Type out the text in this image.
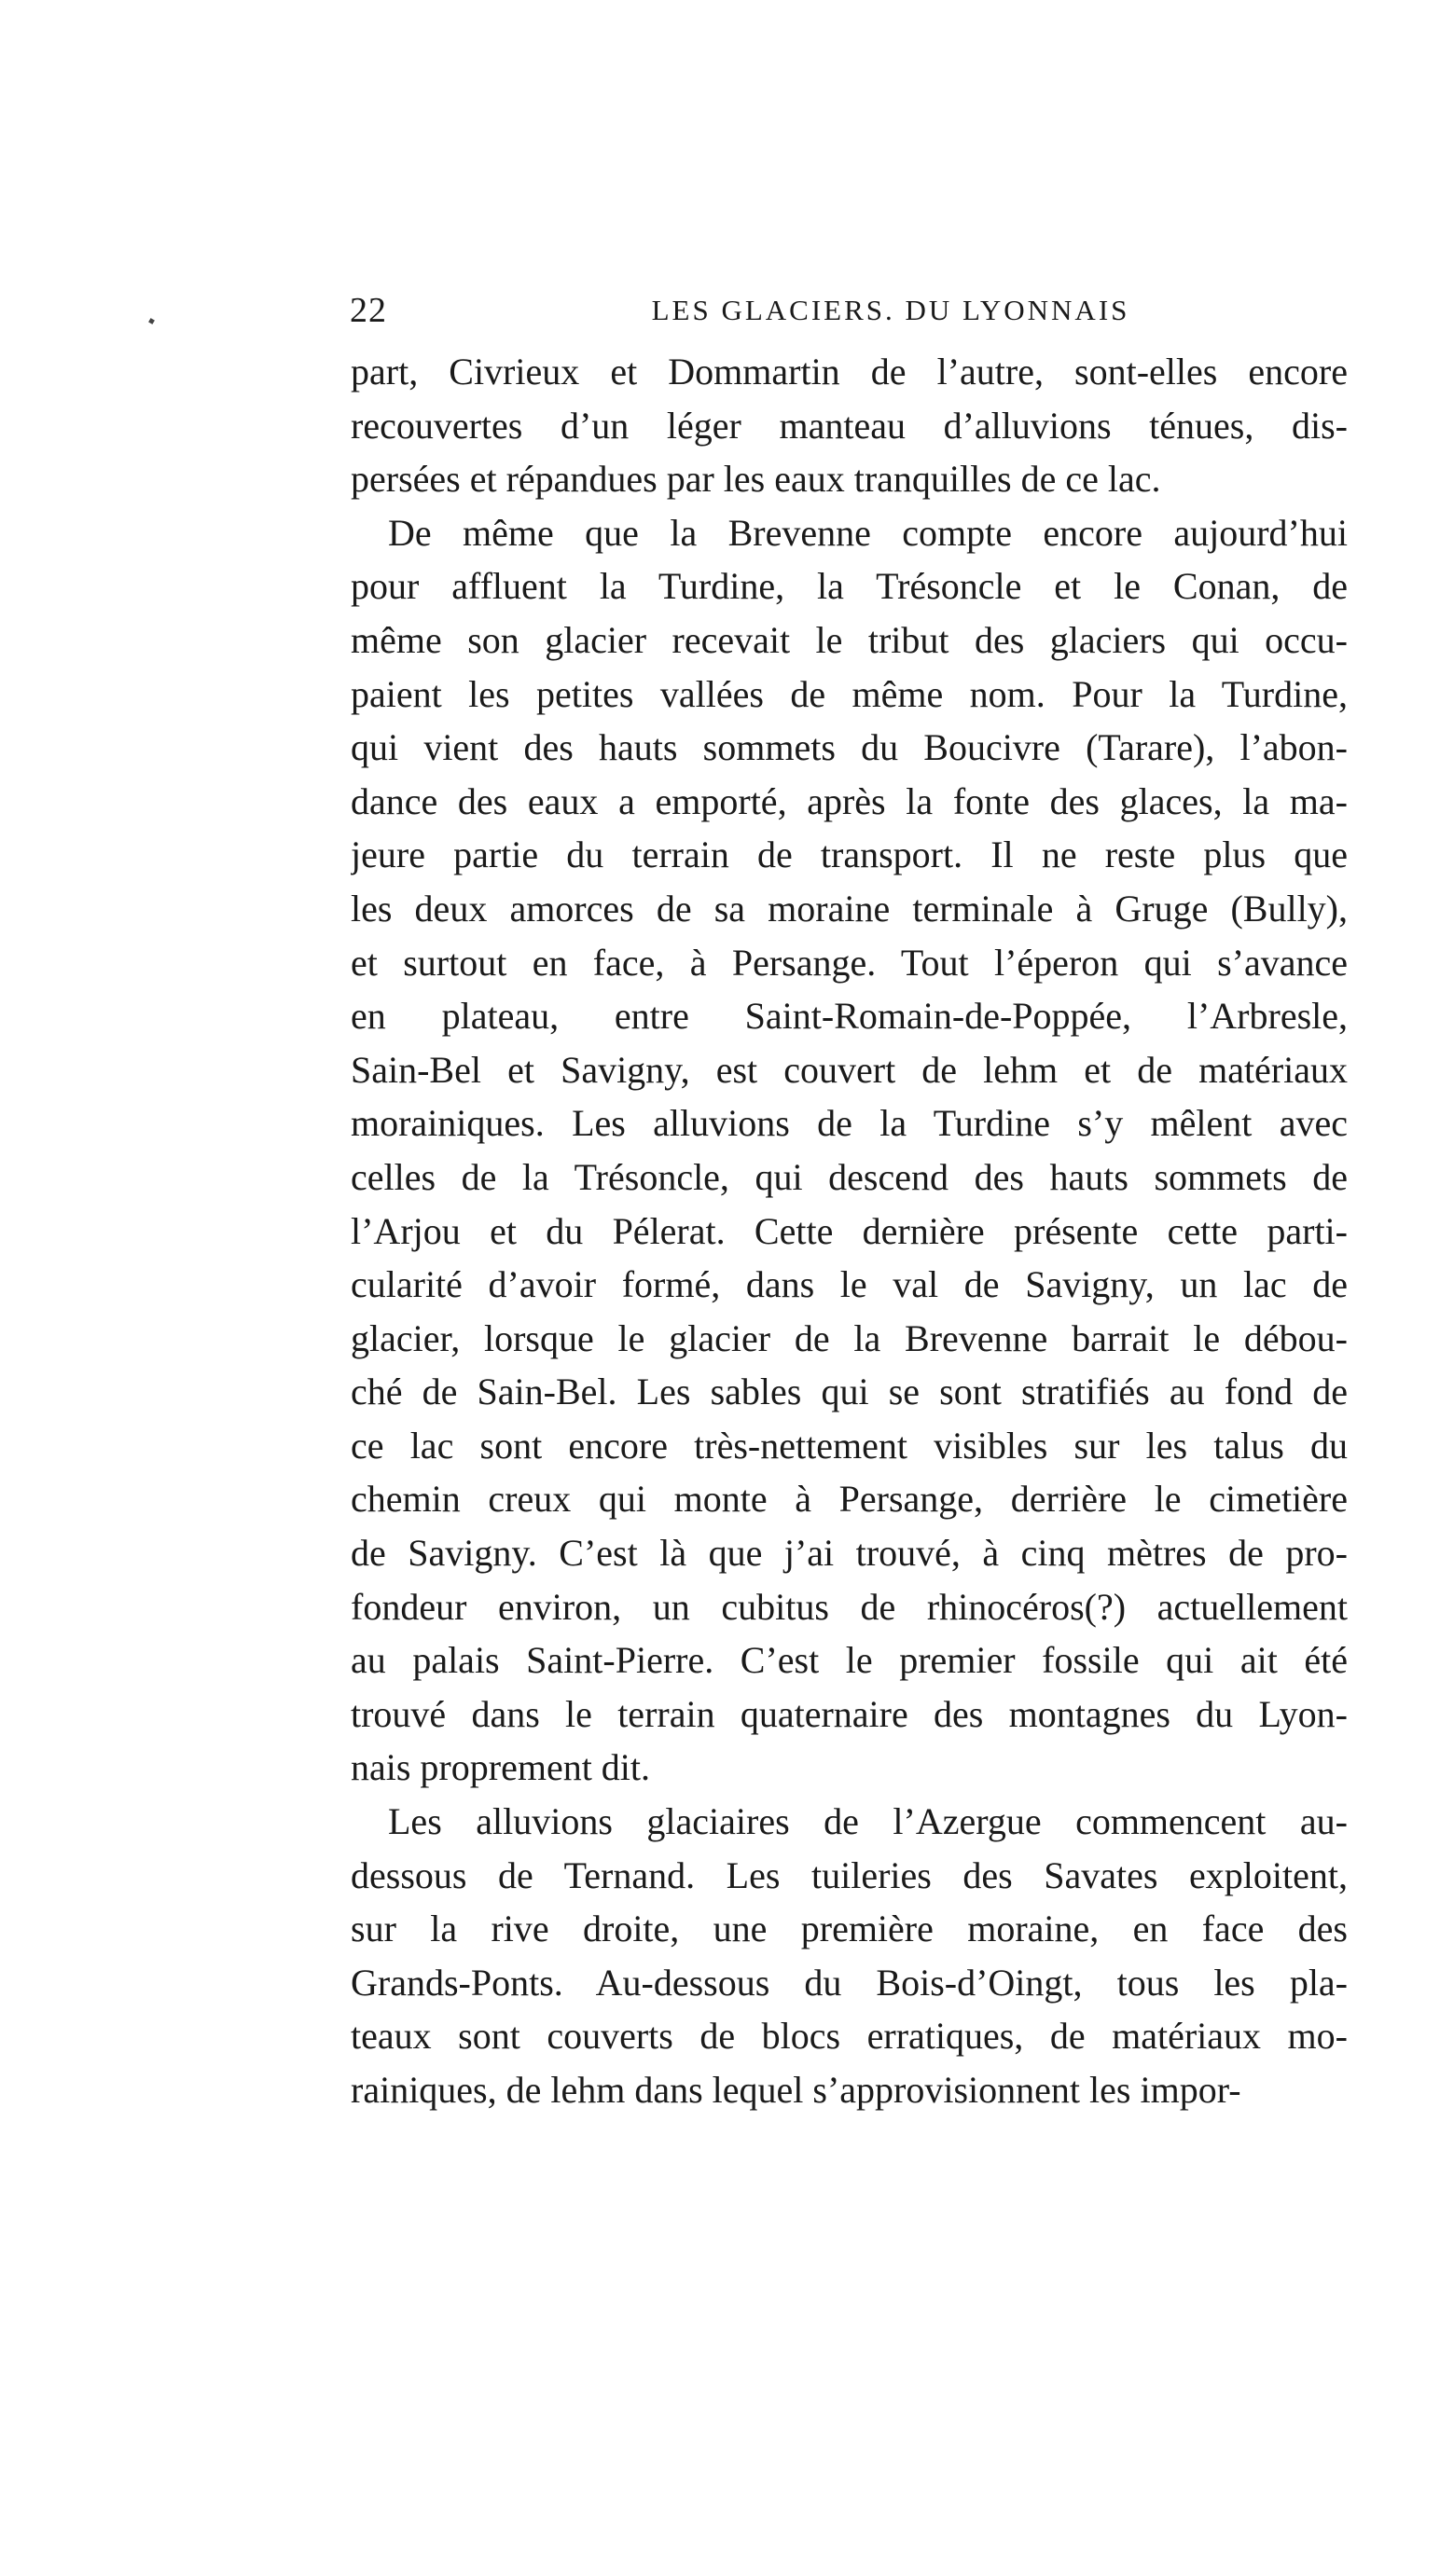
22	LES GLACIERS. DU LYONNAIS
part, Civrieux et Dommartin de l’autre, sont-elles encore
recouvertes d’un léger manteau d’alluvions ténues, dis-
persées et répandues par les eaux tranquilles de ce lac.
De même que la Brevenne compte encore aujourd’hui
pour affluent la Turdine, la Trésoncle et le Conan, de
même son glacier recevait le tribut des glaciers qui occu-
paient les petites vallées de même nom. Pour la Turdine,
qui vient des hauts sommets du Boucivre (Tarare), l’abon-
dance des eaux a emporté, après la fonte des glaces, la ma-
jeure partie du terrain de transport. Il ne reste plus que
les deux amorces de sa moraine terminale à Gruge (Bully),
et surtout en face, à Persange. Tout l’éperon qui s’avance
en plateau, entre Saint-Romain-de-Poppée, l’Arbresle,
Sain-Bel et Savigny, est couvert de lehm et de matériaux
morainiques. Les alluvions de la Turdine s’y mêlent avec
celles de la Trésoncle, qui descend des hauts sommets de
l’Arjou et du Pélerat. Cette dernière présente cette parti-
cularité d’avoir formé, dans le val de Savigny, un lac de
glacier, lorsque le glacier de la Brevenne barrait le débou-
ché de Sain-Bel. Les sables qui se sont stratifiés au fond de
ce lac sont encore très-nettement visibles sur les talus du
chemin creux qui monte à Persange, derrière le cimetière
de Savigny. C’est là que j’ai trouvé, à cinq mètres de pro-
fondeur environ, un cubitus de rhinocéros(?) actuellement
au palais Saint-Pierre. C’est le premier fossile qui ait été
trouvé dans le terrain quaternaire des montagnes du Lyon-
nais proprement dit.
Les alluvions glaciaires de l’Azergue commencent au-
dessous de Ternand. Les tuileries des Savates exploitent,
sur la rive droite, une première moraine, en face des
Grands-Ponts. Au-dessous du Bois-d’Oingt, tous les pla-
teaux sont couverts de blocs erratiques, de matériaux mo-
rainiques, de lehm dans lequel s’approvisionnent les impor-
